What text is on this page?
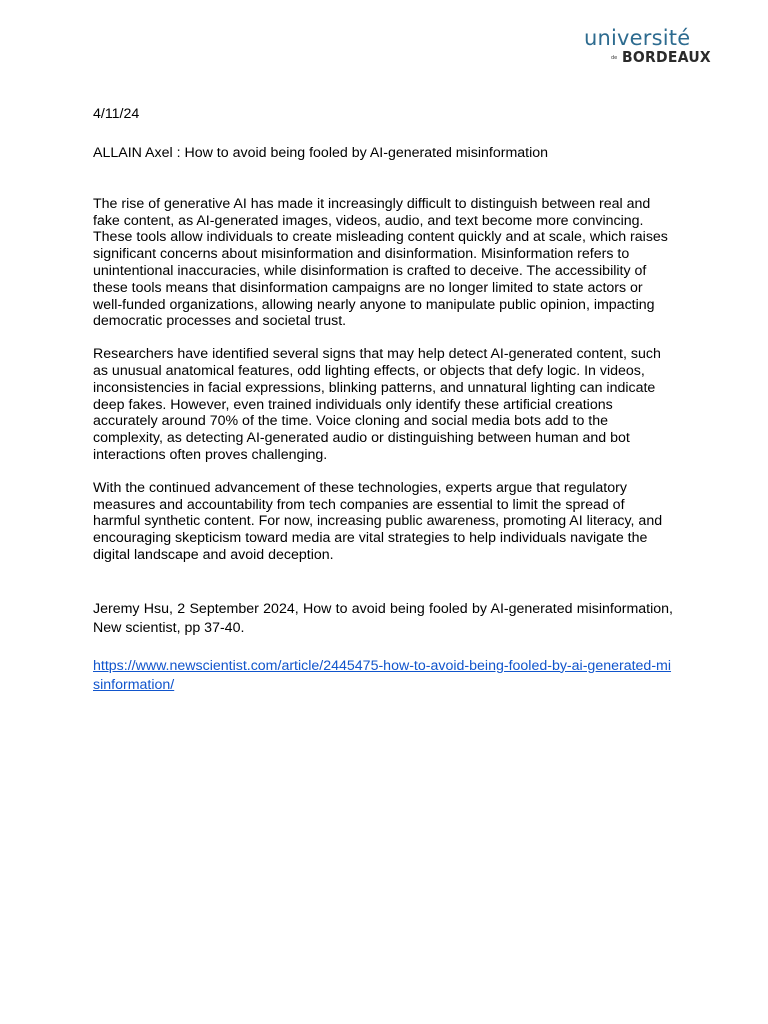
université
de BORDEAUX

4/11/24

ALLAIN Axel : How to avoid being fooled by AI-generated misinformation

The rise of generative AI has made it increasingly difficult to distinguish between real and fake content, as AI-generated images, videos, audio, and text become more convincing. These tools allow individuals to create misleading content quickly and at scale, which raises significant concerns about misinformation and disinformation. Misinformation refers to unintentional inaccuracies, while disinformation is crafted to deceive. The accessibility of these tools means that disinformation campaigns are no longer limited to state actors or well-funded organizations, allowing nearly anyone to manipulate public opinion, impacting democratic processes and societal trust.

Researchers have identified several signs that may help detect AI-generated content, such as unusual anatomical features, odd lighting effects, or objects that defy logic. In videos, inconsistencies in facial expressions, blinking patterns, and unnatural lighting can indicate deep fakes. However, even trained individuals only identify these artificial creations accurately around 70% of the time. Voice cloning and social media bots add to the complexity, as detecting AI-generated audio or distinguishing between human and bot interactions often proves challenging.

With the continued advancement of these technologies, experts argue that regulatory measures and accountability from tech companies are essential to limit the spread of harmful synthetic content. For now, increasing public awareness, promoting AI literacy, and encouraging skepticism toward media are vital strategies to help individuals navigate the digital landscape and avoid deception.

Jeremy Hsu, 2 September 2024, How to avoid being fooled by AI-generated misinformation, New scientist, pp 37-40.

https://www.newscientist.com/article/2445475-how-to-avoid-being-fooled-by-ai-generated-misinformation/
